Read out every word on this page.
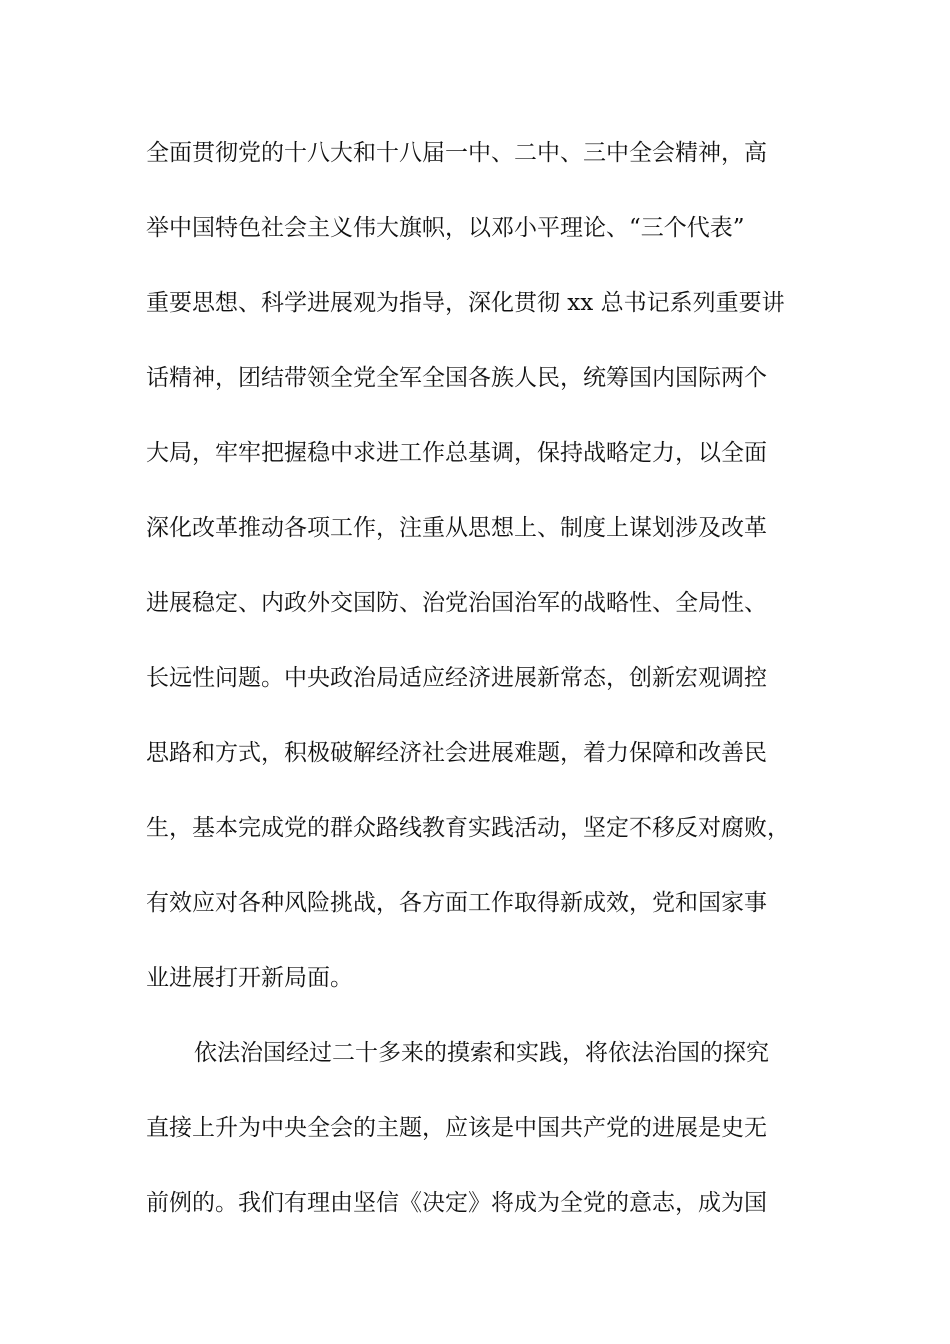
全面贯彻党的十八大和十八届一中、二中、三中全会精神，高
举中国特色社会主义伟大旗帜，以邓小平理论、“三个代表”
重要思想、科学进展观为指导，深化贯彻 xx 总书记系列重要讲
话精神，团结带领全党全军全国各族人民，统筹国内国际两个
大局，牢牢把握稳中求进工作总基调，保持战略定力，以全面
深化改革推动各项工作，注重从思想上、制度上谋划涉及改革
进展稳定、内政外交国防、治党治国治军的战略性、全局性、
长远性问题。中央政治局适应经济进展新常态，创新宏观调控
思路和方式，积极破解经济社会进展难题，着力保障和改善民
生，基本完成党的群众路线教育实践活动，坚定不移反对腐败，
有效应对各种风险挑战，各方面工作取得新成效，党和国家事
业进展打开新局面。
依法治国经过二十多来的摸索和实践，将依法治国的探究
直接上升为中央全会的主题，应该是中国共产党的进展是史无
前例的。我们有理由坚信《决定》将成为全党的意志，成为国
